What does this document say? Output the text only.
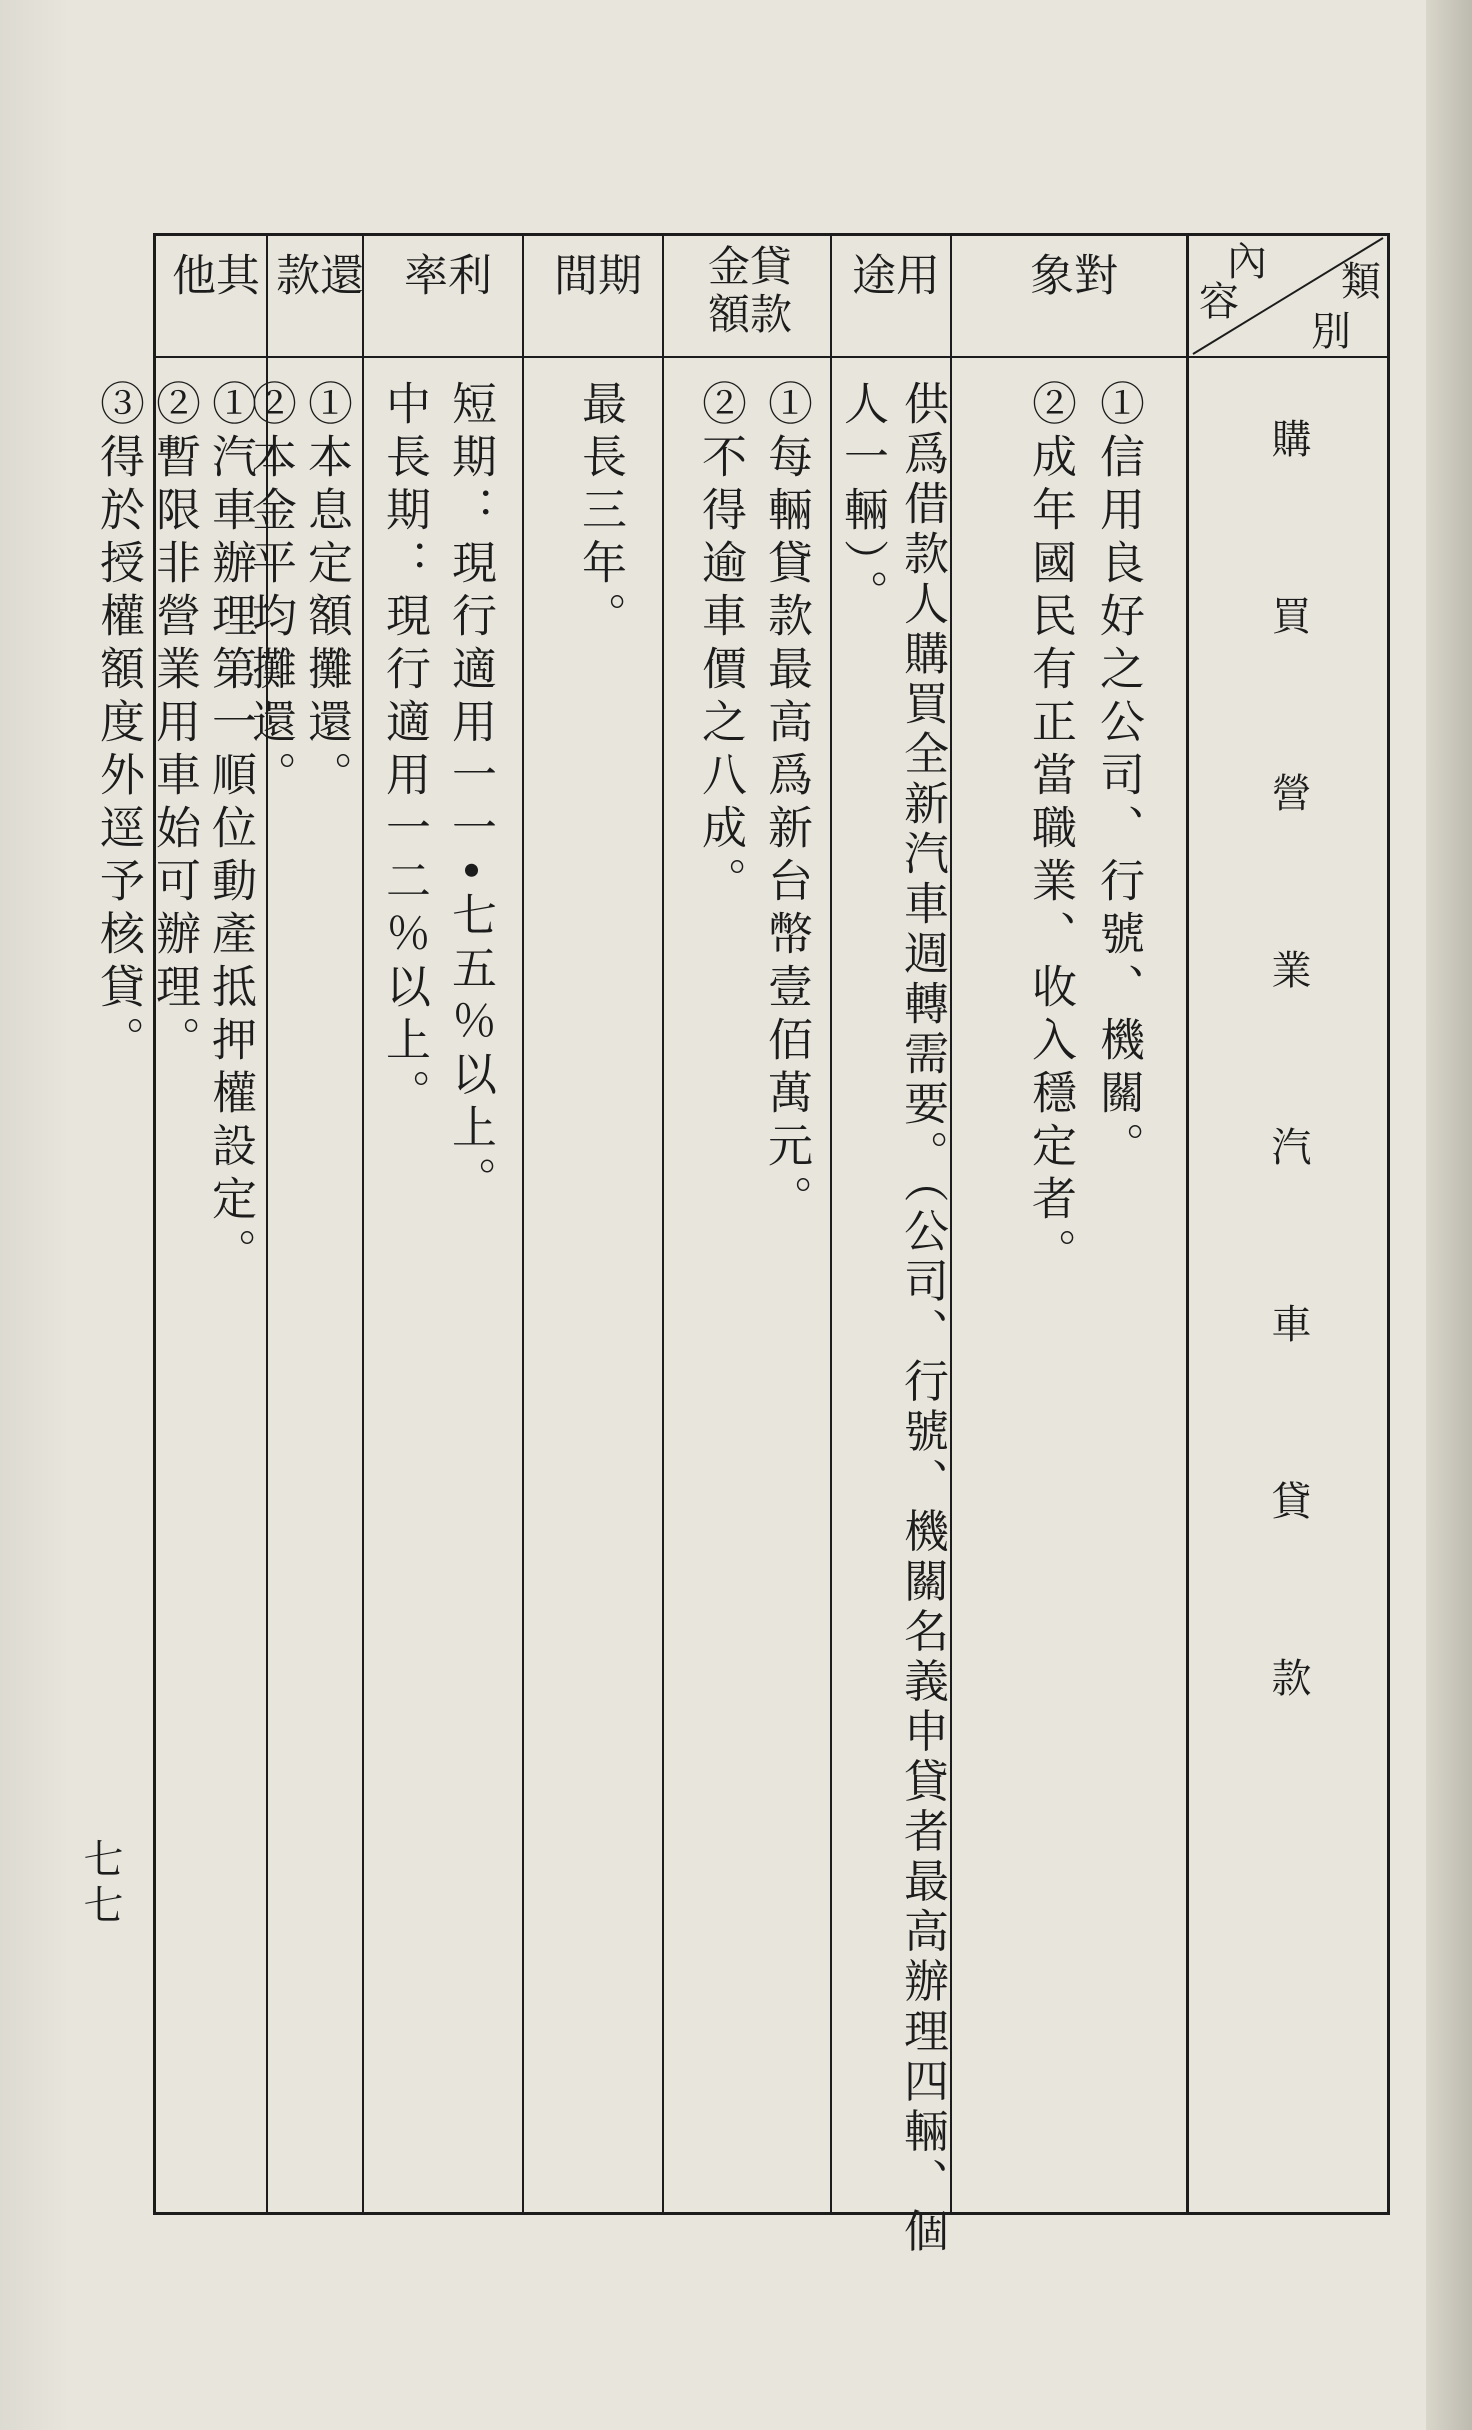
其他
①汽車辦理第一順位動產抵押權設定。
②暫限非營業用車始可辦理。
③得於授權額度外逕予核貸。
還款
①本息定額攤還。
②本金平均攤還。
利率
短期：現行適用一一•七五％以上。
中長期：現行適用一二％以上。
期間
最長三年。
貸款金額
①每輛貸款最高爲新台幣壹佰萬元。
②不得逾車價之八成。
用途
供爲借款人購買全新汽車週轉需要。（公司、行號、機關名義申貸者最高辦理四輛、個
人一輛）。
對象
①信用良好之公司、行號、機關。
②成年國民有正當職業、收入穩定者。
類
內
別
容
購買營業汽車貸款
七七
